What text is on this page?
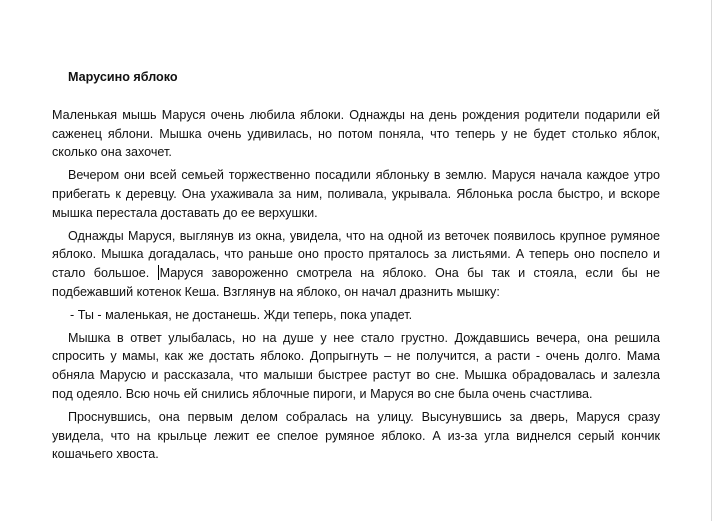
Марусино яблоко
Маленькая мышь Маруся очень любила яблоки. Однажды на день рождения родители подарили ей саженец яблони. Мышка очень удивилась, но потом поняла, что теперь у не будет столько яблок, сколько она захочет.
Вечером они всей семьей торжественно посадили яблоньку в землю. Маруся начала каждое утро прибегать к деревцу. Она ухаживала за ним, поливала, укрывала. Яблонька росла быстро, и вскоре мышка перестала доставать до ее верхушки.
Однажды Маруся, выглянув из окна, увидела, что на одной из веточек появилось крупное румяное яблоко. Мышка догадалась, что раньше оно просто пряталось за листьями. А теперь оно поспело и стало большое. Маруся завороженно смотрела на яблоко. Она бы так и стояла, если бы не подбежавший котенок Кеша. Взглянув на яблоко, он начал дразнить мышку:
- Ты - маленькая, не достанешь. Жди теперь, пока упадет.
Мышка в ответ улыбалась, но на душе у нее стало грустно. Дождавшись вечера, она решила спросить у мамы, как же достать яблоко. Допрыгнуть – не получится, а расти - очень долго. Мама обняла Марусю и рассказала, что малыши быстрее растут во сне. Мышка обрадовалась и залезла под одеяло. Всю ночь ей снились яблочные пироги, и Маруся во сне была очень счастлива.
Проснувшись, она первым делом собралась на улицу. Высунувшись за дверь, Маруся сразу увидела, что на крыльце лежит ее спелое румяное яблоко. А из-за угла виднелся серый кончик кошачьего хвоста.
